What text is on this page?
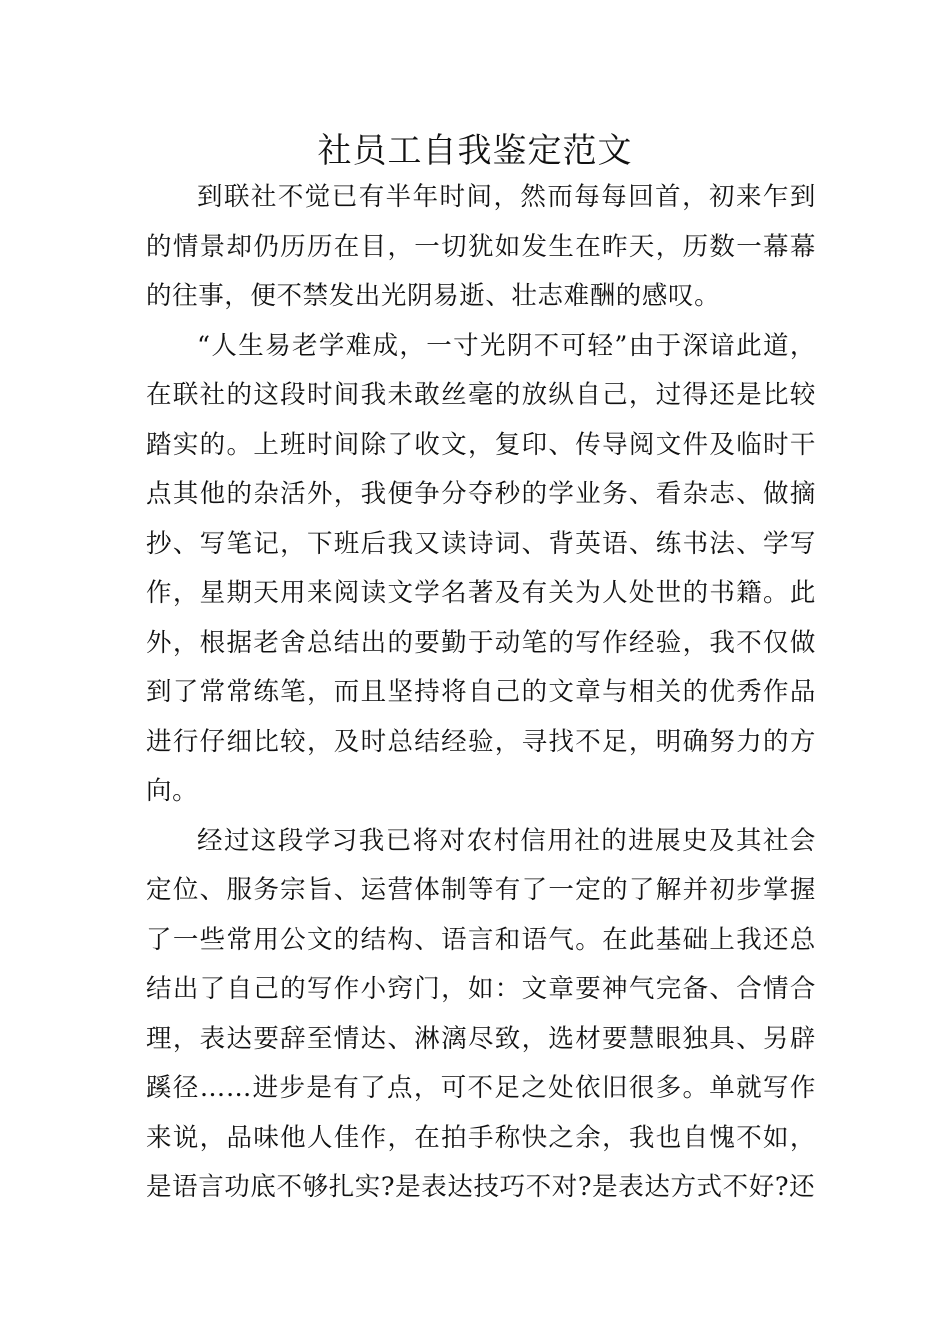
社员工自我鉴定范文

到联社不觉已有半年时间，然而每每回首，初来乍到的情景却仍历历在目，一切犹如发生在昨天，历数一幕幕的往事，便不禁发出光阴易逝、壮志难酬的感叹。

“人生易老学难成，一寸光阴不可轻”由于深谙此道，在联社的这段时间我未敢丝毫的放纵自己，过得还是比较踏实的。上班时间除了收文，复印、传导阅文件及临时干点其他的杂活外，我便争分夺秒的学业务、看杂志、做摘抄、写笔记，下班后我又读诗词、背英语、练书法、学写作，星期天用来阅读文学名著及有关为人处世的书籍。此外，根据老舍总结出的要勤于动笔的写作经验，我不仅做到了常常练笔，而且坚持将自己的文章与相关的优秀作品进行仔细比较，及时总结经验，寻找不足，明确努力的方向。

经过这段学习我已将对农村信用社的进展史及其社会定位、服务宗旨、运营体制等有了一定的了解并初步掌握了一些常用公文的结构、语言和语气。在此基础上我还总结出了自己的写作小窍门，如：文章要神气完备、合情合理，表达要辞至情达、淋漓尽致，选材要慧眼独具、另辟蹊径……进步是有了点，可不足之处依旧很多。单就写作来说，品味他人佳作，在拍手称快之余，我也自愧不如，是语言功底不够扎实?是表达技巧不对?是表达方式不好?还
